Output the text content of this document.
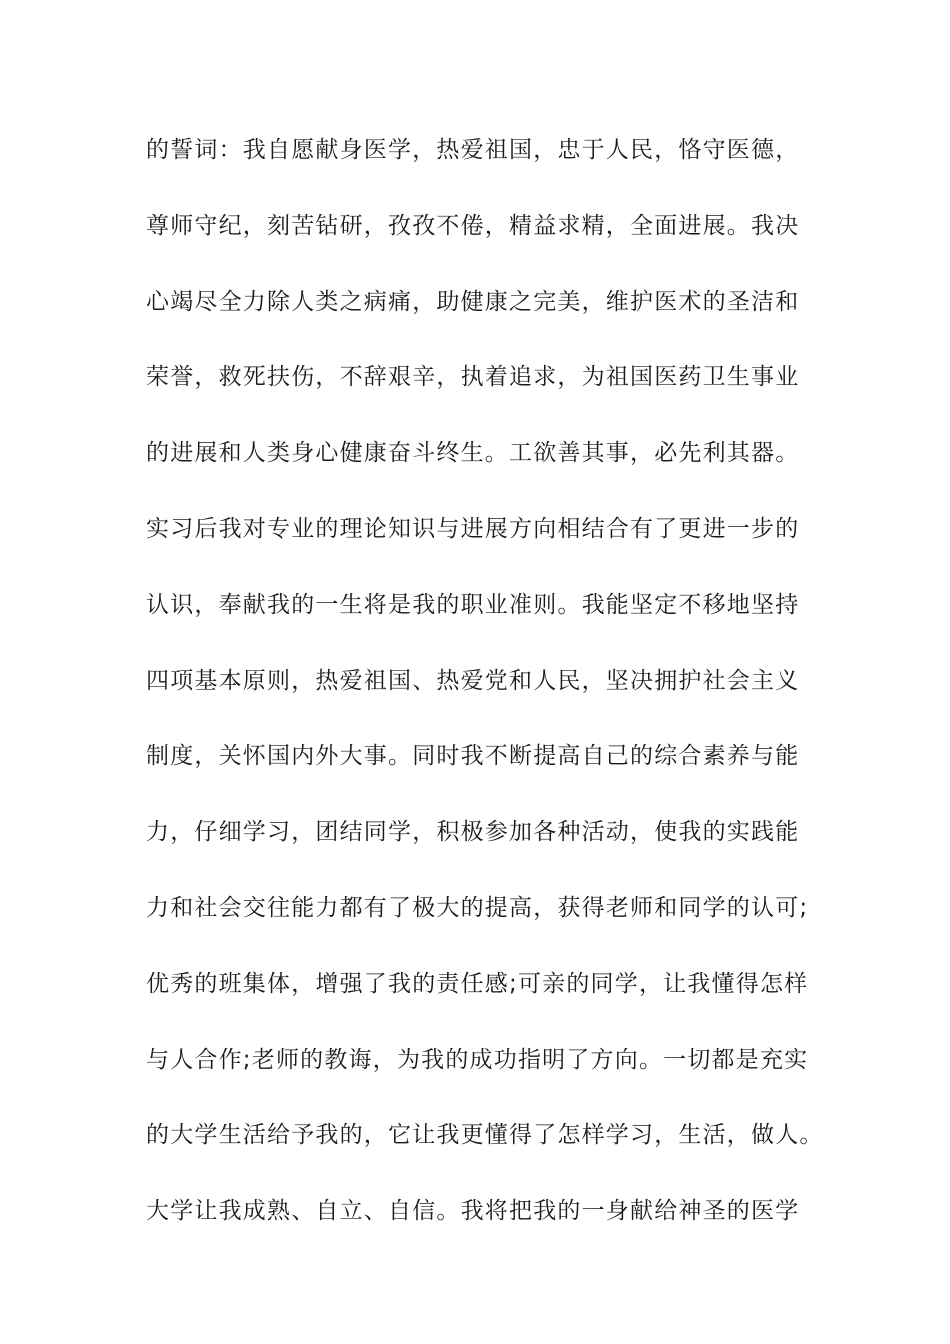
的誓词：我自愿献身医学，热爱祖国，忠于人民，恪守医德，
尊师守纪，刻苦钻研，孜孜不倦，精益求精，全面进展。我决
心竭尽全力除人类之病痛，助健康之完美，维护医术的圣洁和
荣誉，救死扶伤，不辞艰辛，执着追求，为祖国医药卫生事业
的进展和人类身心健康奋斗终生。工欲善其事，必先利其器。
实习后我对专业的理论知识与进展方向相结合有了更进一步的
认识，奉献我的一生将是我的职业准则。我能坚定不移地坚持
四项基本原则，热爱祖国、热爱党和人民，坚决拥护社会主义
制度，关怀国内外大事。同时我不断提高自己的综合素养与能
力，仔细学习，团结同学，积极参加各种活动，使我的实践能
力和社会交往能力都有了极大的提高，获得老师和同学的认可;
优秀的班集体，增强了我的责任感;可亲的同学，让我懂得怎样
与人合作;老师的教诲，为我的成功指明了方向。一切都是充实
的大学生活给予我的，它让我更懂得了怎样学习，生活，做人。
大学让我成熟、自立、自信。我将把我的一身献给神圣的医学
